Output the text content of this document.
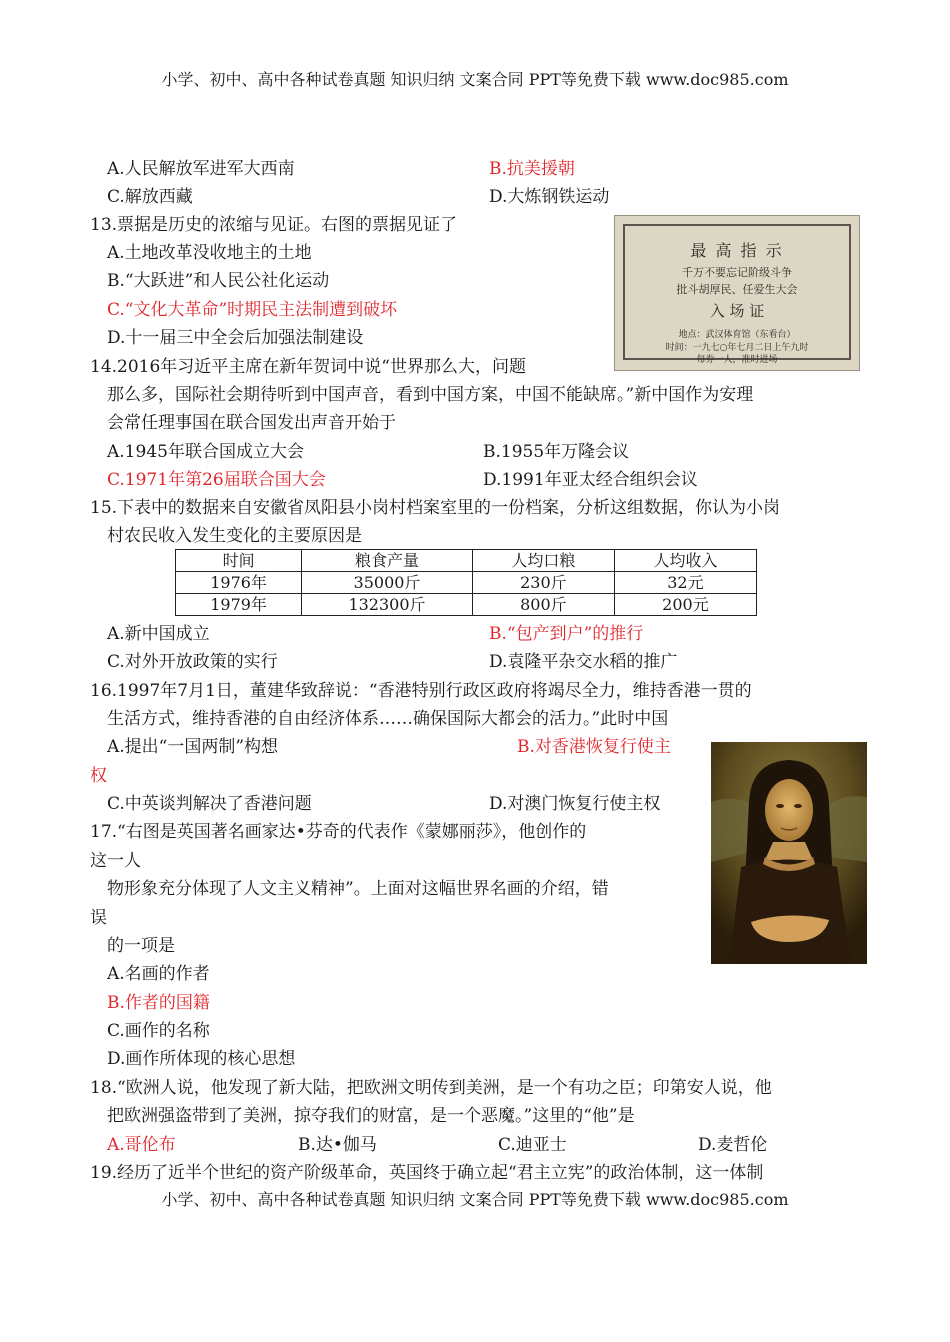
小学、初中、高中各种试卷真题 知识归纳 文案合同 PPT等免费下载 www.doc985.com
A.人民解放军进军大西南	B.抗美援朝
C.解放西藏	D.大炼钢铁运动
13.票据是历史的浓缩与见证。右图的票据见证了
A.土地改革没收地主的土地
B.“大跃进”和人民公社化运动
C.“文化大革命”时期民主法制遭到破坏
D.十一届三中全会后加强法制建设
最 高 指 示
千万不要忘记阶级斗争
批斗胡厚民、任爱生大会
入 场 证
地点：武汉体育馆（东看台）
时间：一九七○年七月二日上午九时
每券一人，准时进场
14.2016年习近平主席在新年贺词中说“世界那么大，问题
那么多，国际社会期待听到中国声音，看到中国方案，中国不能缺席。”新中国作为安理
会常任理事国在联合国发出声音开始于
A.1945年联合国成立大会	B.1955年万隆会议
C.1971年第26届联合国大会	D.1991年亚太经合组织会议
15.下表中的数据来自安徽省凤阳县小岗村档案室里的一份档案，分析这组数据，你认为小岗
村农民收入发生变化的主要原因是
时间	粮食产量	人均口粮	人均收入
1976年	35000斤	230斤	32元
1979年	132300斤	800斤	200元
A.新中国成立	B.“包产到户”的推行
C.对外开放政策的实行	D.袁隆平杂交水稻的推广
16.1997年7月1日，董建华致辞说：“香港特别行政区政府将竭尽全力，维持香港一贯的
生活方式，维持香港的自由经济体系……确保国际大都会的活力。”此时中国
A.提出“一国两制”构想	B.对香港恢复行使主
权
C.中英谈判解决了香港问题	D.对澳门恢复行使主权
17.“右图是英国著名画家达•芬奇的代表作《蒙娜丽莎》，他创作的
这一人
物形象充分体现了人文主义精神”。上面对这幅世界名画的介绍，错
误
的一项是
A.名画的作者
B.作者的国籍
C.画作的名称
D.画作所体现的核心思想
18.“欧洲人说，他发现了新大陆，把欧洲文明传到美洲，是一个有功之臣；印第安人说，他
把欧洲强盗带到了美洲，掠夺我们的财富，是一个恶魔。”这里的“他”是
A.哥伦布	B.达•伽马	C.迪亚士	D.麦哲伦
19.经历了近半个世纪的资产阶级革命，英国终于确立起“君主立宪”的政治体制，这一体制
小学、初中、高中各种试卷真题 知识归纳 文案合同 PPT等免费下载 www.doc985.com
